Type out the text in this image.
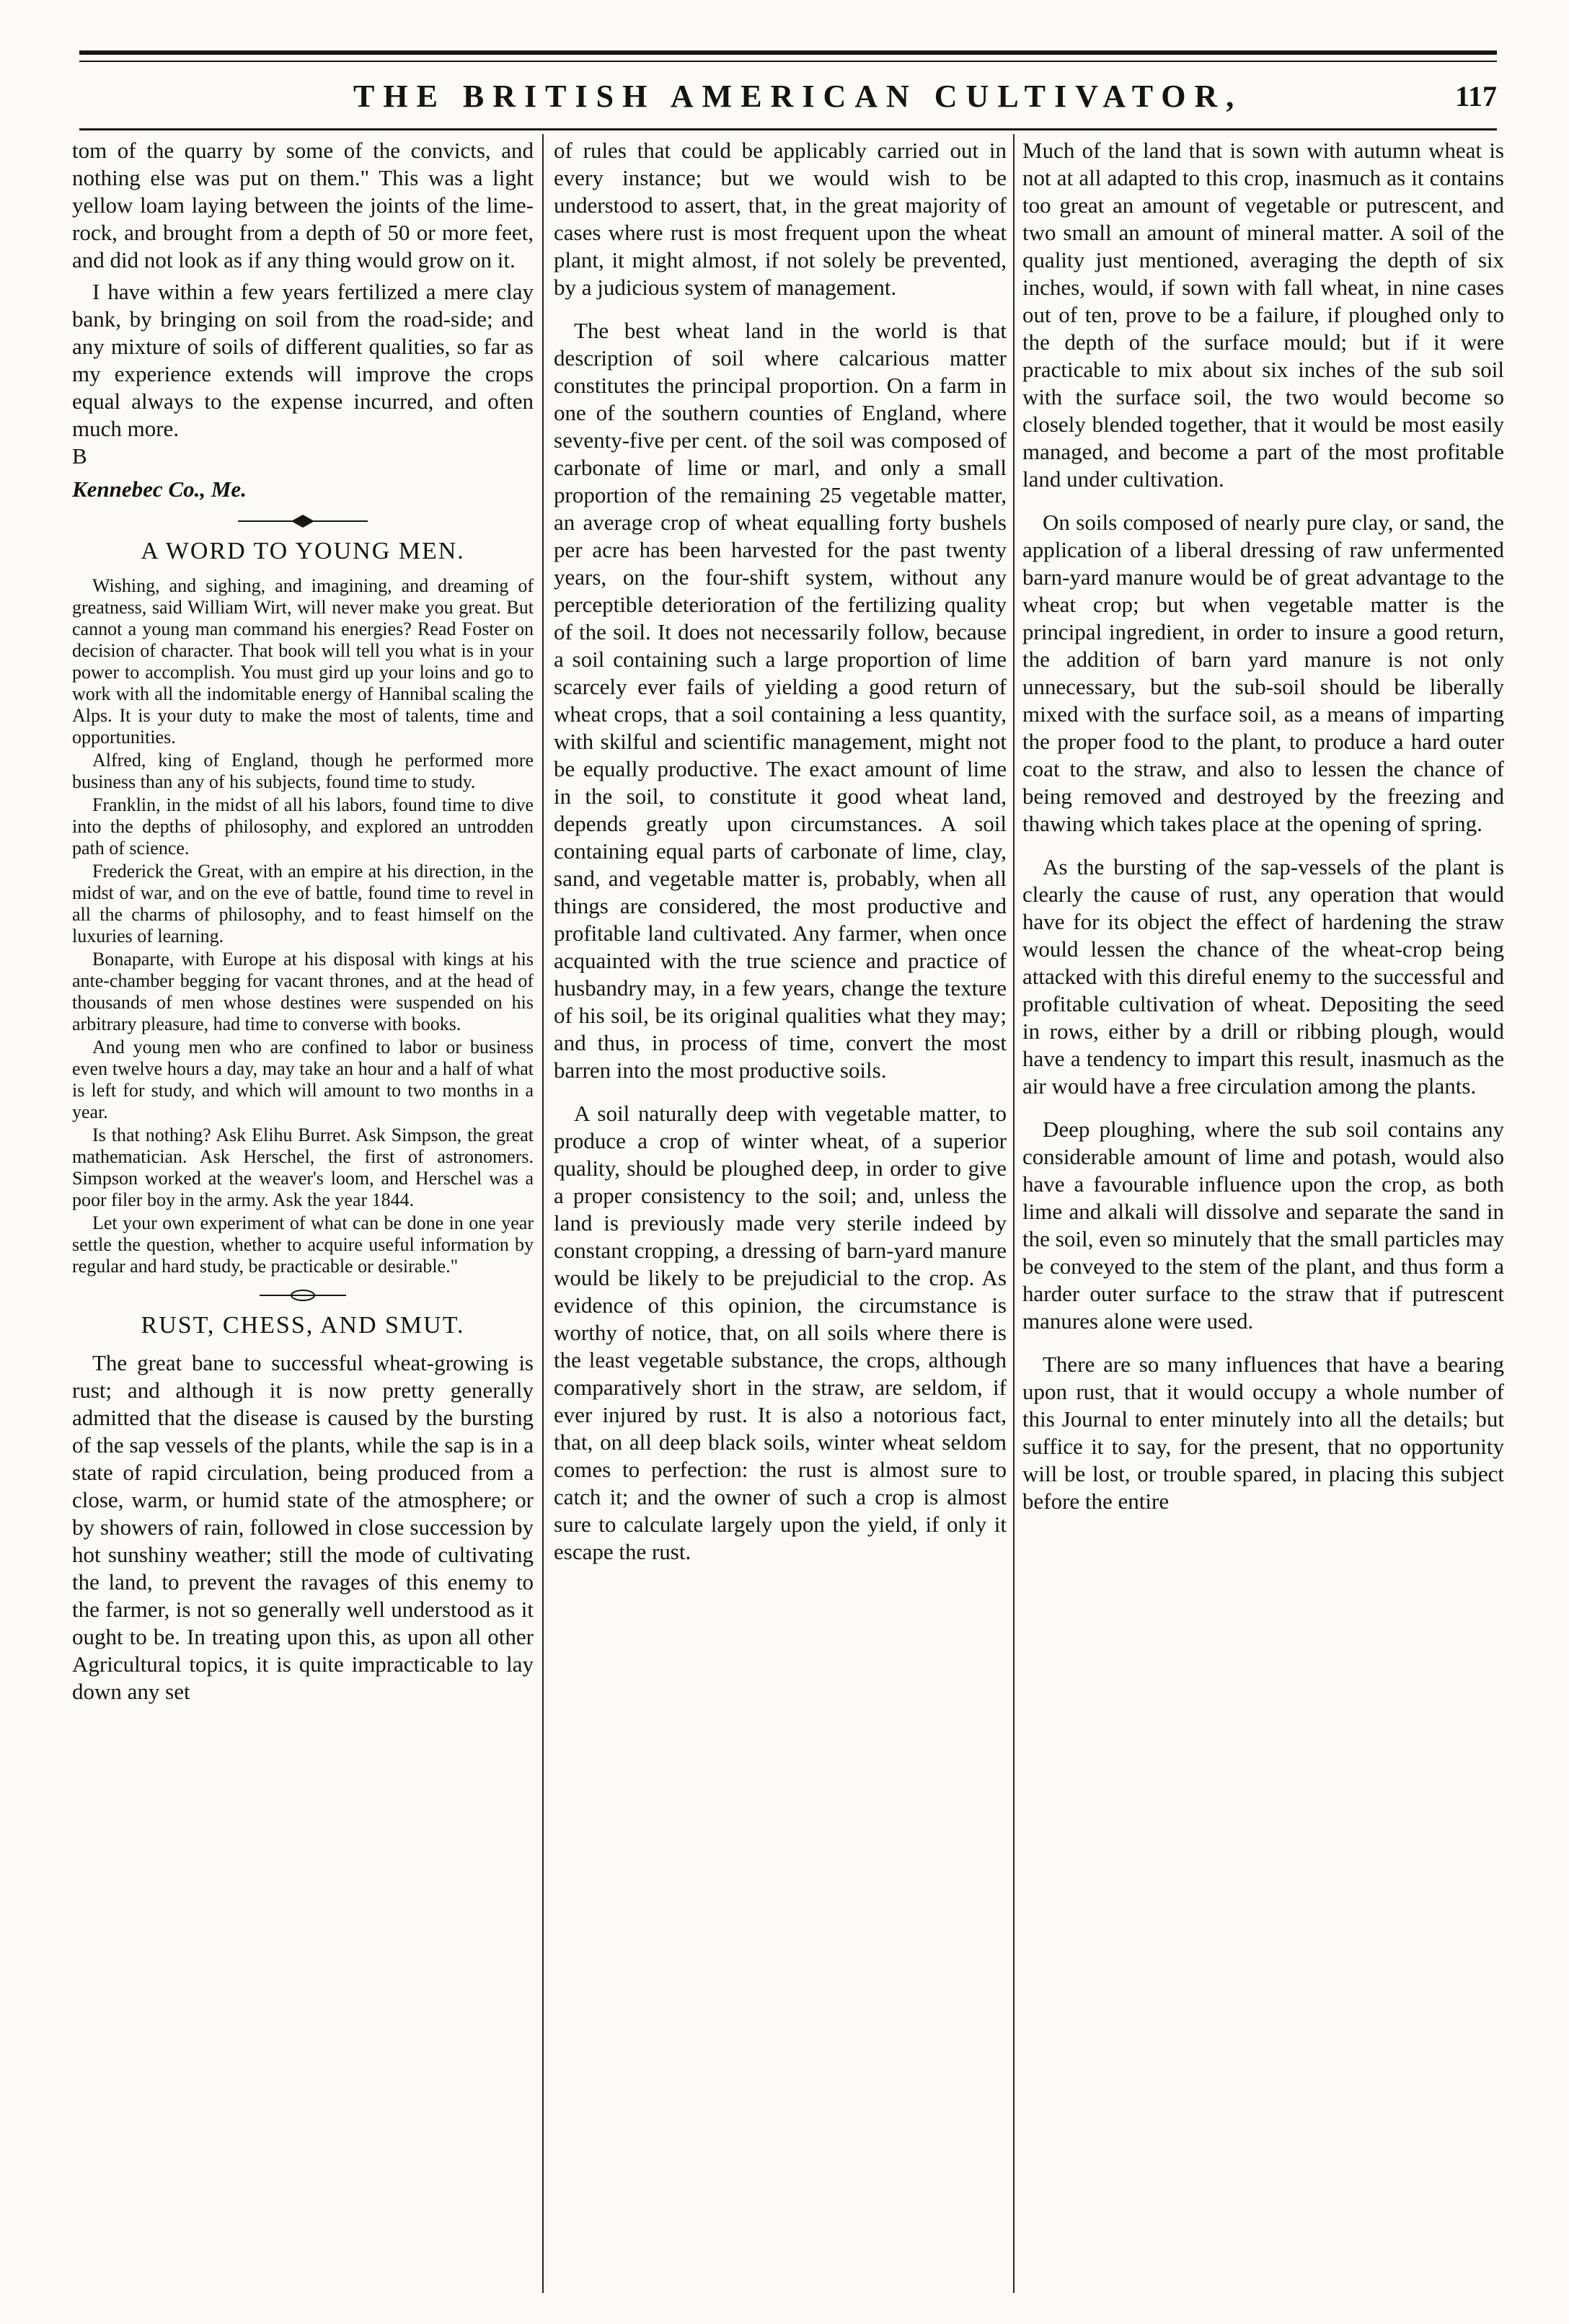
THE BRITISH AMERICAN CULTIVATOR,	117

tom of the quarry by some of the convicts, and nothing else was put on them." This was a light yellow loam laying between the joints of the lime-rock, and brought from a depth of 50 or more feet, and did not look as if any thing would grow on it.

I have within a few years fertilized a mere clay bank, by bringing on soil from the road-side; and any mixture of soils of different qualities, so far as my experience extends will improve the crops equal always to the expense incurred, and often much more.

B

Kennebec Co., Me.

A WORD TO YOUNG MEN.

Wishing, and sighing, and imagining, and dreaming of greatness, said William Wirt, will never make you great. But cannot a young man command his energies? Read Foster on decision of character. That book will tell you what is in your power to accomplish. You must gird up your loins and go to work with all the indomitable energy of Hannibal scaling the Alps. It is your duty to make the most of talents, time and opportunities.

Alfred, king of England, though he performed more business than any of his subjects, found time to study.

Franklin, in the midst of all his labors, found time to dive into the depths of philosophy, and explored an untrodden path of science.

Frederick the Great, with an empire at his direction, in the midst of war, and on the eve of battle, found time to revel in all the charms of philosophy, and to feast himself on the luxuries of learning.

Bonaparte, with Europe at his disposal with kings at his ante-chamber begging for vacant thrones, and at the head of thousands of men whose destines were suspended on his arbitrary pleasure, had time to converse with books.

And young men who are confined to labor or business even twelve hours a day, may take an hour and a half of what is left for study, and which will amount to two months in a year.

Is that nothing? Ask Elihu Burret. Ask Simpson, the great mathematician. Ask Herschel, the first of astronomers. Simpson worked at the weaver's loom, and Herschel was a poor filer boy in the army. Ask the year 1844.

Let your own experiment of what can be done in one year settle the question, whether to acquire useful information by regular and hard study, be practicable or desirable."

RUST, CHESS, AND SMUT.

The great bane to successful wheat-growing is rust; and although it is now pretty generally admitted that the disease is caused by the bursting of the sap vessels of the plants, while the sap is in a state of rapid circulation, being produced from a close, warm, or humid state of the atmosphere; or by showers of rain, followed in close succession by hot sunshiny weather; still the mode of cultivating the land, to prevent the ravages of this enemy to the farmer, is not so generally well understood as it ought to be. In treating upon this, as upon all other Agricultural topics, it is quite impracticable to lay down any set

of rules that could be applicably carried out in every instance; but we would wish to be understood to assert, that, in the great majority of cases where rust is most frequent upon the wheat plant, it might almost, if not solely be prevented, by a judicious system of management.

The best wheat land in the world is that description of soil where calcarious matter constitutes the principal proportion. On a farm in one of the southern counties of England, where seventy-five per cent. of the soil was composed of carbonate of lime or marl, and only a small proportion of the remaining 25 vegetable matter, an average crop of wheat equalling forty bushels per acre has been harvested for the past twenty years, on the four-shift system, without any perceptible deterioration of the fertilizing quality of the soil. It does not necessarily follow, because a soil containing such a large proportion of lime scarcely ever fails of yielding a good return of wheat crops, that a soil containing a less quantity, with skilful and scientific management, might not be equally productive. The exact amount of lime in the soil, to constitute it good wheat land, depends greatly upon circumstances. A soil containing equal parts of carbonate of lime, clay, sand, and vegetable matter is, probably, when all things are considered, the most productive and profitable land cultivated. Any farmer, when once acquainted with the true science and practice of husbandry may, in a few years, change the texture of his soil, be its original qualities what they may; and thus, in process of time, convert the most barren into the most productive soils.

A soil naturally deep with vegetable matter, to produce a crop of winter wheat, of a superior quality, should be ploughed deep, in order to give a proper consistency to the soil; and, unless the land is previously made very sterile indeed by constant cropping, a dressing of barn-yard manure would be likely to be prejudicial to the crop. As evidence of this opinion, the circumstance is worthy of notice, that, on all soils where there is the least vegetable substance, the crops, although comparatively short in the straw, are seldom, if ever injured by rust. It is also a notorious fact, that, on all deep black soils, winter wheat seldom comes to perfection: the rust is almost sure to catch it; and the owner of such a crop is almost sure to calculate largely upon the yield, if only it escape the rust.

Much of the land that is sown with autumn wheat is not at all adapted to this crop, inasmuch as it contains too great an amount of vegetable or putrescent, and two small an amount of mineral matter. A soil of the quality just mentioned, averaging the depth of six inches, would, if sown with fall wheat, in nine cases out of ten, prove to be a failure, if ploughed only to the depth of the surface mould; but if it were practicable to mix about six inches of the sub soil with the surface soil, the two would become so closely blended together, that it would be most easily managed, and become a part of the most profitable land under cultivation.

On soils composed of nearly pure clay, or sand, the application of a liberal dressing of raw unfermented barn-yard manure would be of great advantage to the wheat crop; but when vegetable matter is the principal ingredient, in order to insure a good return, the addition of barn yard manure is not only unnecessary, but the sub-soil should be liberally mixed with the surface soil, as a means of imparting the proper food to the plant, to produce a hard outer coat to the straw, and also to lessen the chance of being removed and destroyed by the freezing and thawing which takes place at the opening of spring.

As the bursting of the sap-vessels of the plant is clearly the cause of rust, any operation that would have for its object the effect of hardening the straw would lessen the chance of the wheat-crop being attacked with this direful enemy to the successful and profitable cultivation of wheat. Depositing the seed in rows, either by a drill or ribbing plough, would have a tendency to impart this result, inasmuch as the air would have a free circulation among the plants.

Deep ploughing, where the sub soil contains any considerable amount of lime and potash, would also have a favourable influence upon the crop, as both lime and alkali will dissolve and separate the sand in the soil, even so minutely that the small particles may be conveyed to the stem of the plant, and thus form a harder outer surface to the straw that if putrescent manures alone were used.

There are so many influences that have a bearing upon rust, that it would occupy a whole number of this Journal to enter minutely into all the details; but suffice it to say, for the present, that no opportunity will be lost, or trouble spared, in placing this subject before the entire
